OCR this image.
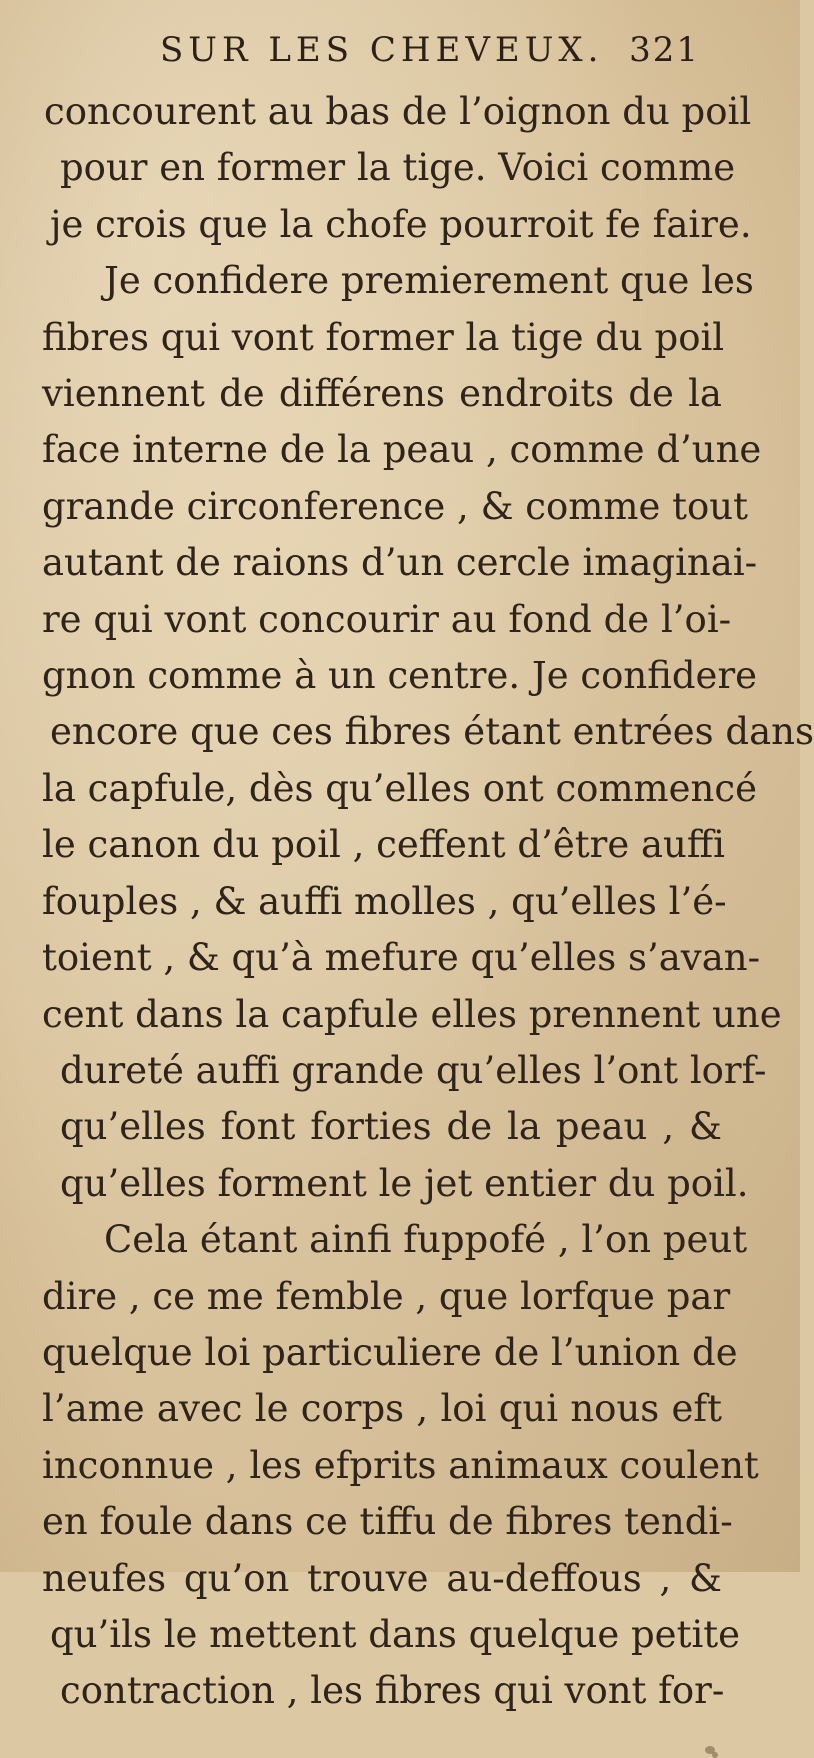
SUR LES CHEVEUX. 321
concourent au bas de l’oignon du poil
pour en former la tige. Voici comme
je crois que la chofe pourroit fe faire.
Je confidere premierement que les
fibres qui vont former la tige du poil
viennent de différens endroits de la
face interne de la peau , comme d’une
grande circonference , & comme tout
autant de raions d’un cercle imaginai-
re qui vont concourir au fond de l’oi-
gnon comme à un centre. Je confidere
encore que ces fibres étant entrées dans
la capfule, dès qu’elles ont commencé
le canon du poil , ceffent d’être auffi
fouples , & auffi molles , qu’elles l’é-
toient , & qu’à mefure qu’elles s’avan-
cent dans la capfule elles prennent une
dureté auffi grande qu’elles l’ont lorf-
qu’elles font forties de la peau , &
qu’elles forment le jet entier du poil.
Cela étant ainfi fuppofé , l’on peut
dire , ce me femble , que lorfque par
quelque loi particuliere de l’union de
l’ame avec le corps , loi qui nous eft
inconnue , les efprits animaux coulent
en foule dans ce tiffu de fibres tendi-
neufes qu’on trouve au-deffous , &
qu’ils le mettent dans quelque petite
contraction , les fibres qui vont for-
